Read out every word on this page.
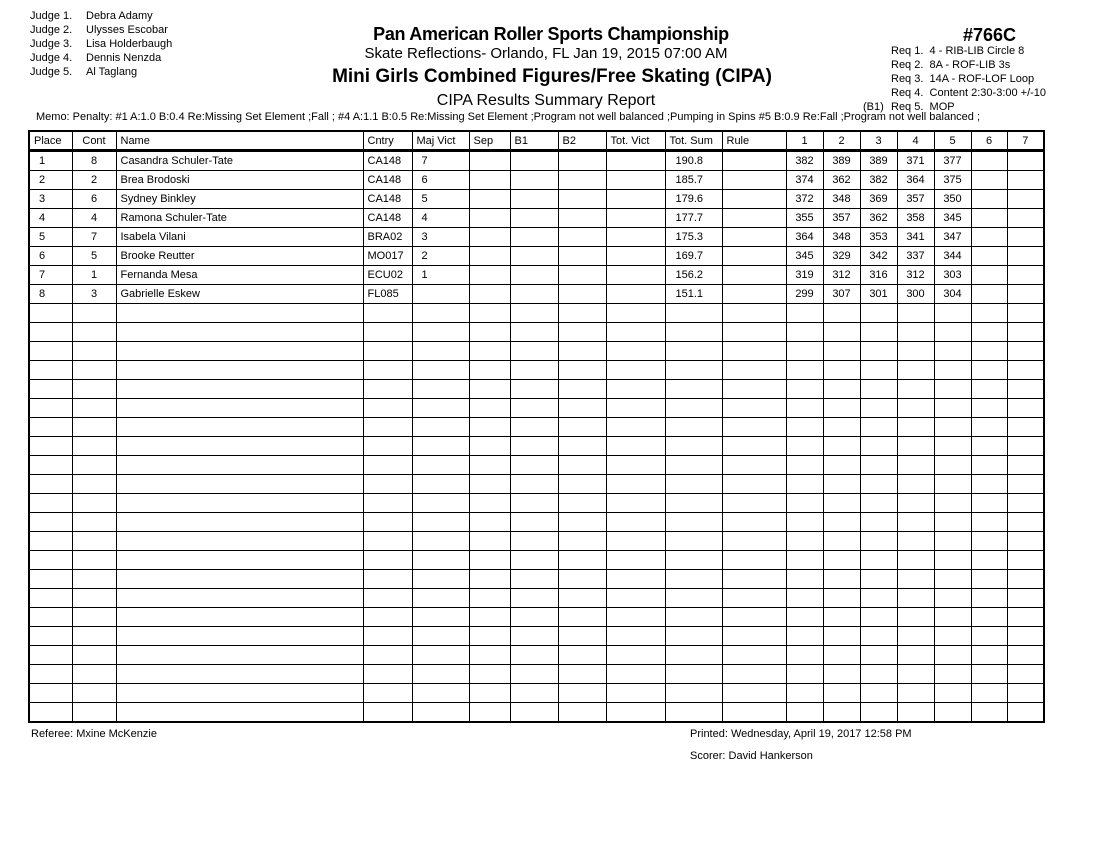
Judge 1. Debra Adamy
Judge 2. Ulysses Escobar
Judge 3. Lisa Holderbaugh
Judge 4. Dennis Nenzda
Judge 5. Al Taglang
Pan American Roller Sports Championship
Skate Reflections- Orlando, FL Jan 19, 2015 07:00 AM
Mini Girls Combined Figures/Free Skating (CIPA)
CIPA Results Summary Report
#766C
Req 1. 4 - RIB-LIB Circle 8
Req 2. 8A - ROF-LIB 3s
Req 3. 14A - ROF-LOF Loop
Req 4. Content 2:30-3:00 +/-10
(B1) Req 5. MOP
Memo: Penalty: #1 A:1.0 B:0.4 Re:Missing Set Element ;Fall ; #4 A:1.1 B:0.5 Re:Missing Set Element ;Program not well balanced ;Pumping in Spins #5 B:0.9 Re:Fall ;Program not well balanced ;
Place	Cont	Name	Cntry	Maj Vict	Sep	B1	B2	Tot. Vict	Tot. Sum	Rule	1	2	3	4	5	6	7
1	8	Casandra Schuler-Tate	CA148	7					190.8		382	389	389	371	377		
2	2	Brea Brodoski	CA148	6					185.7		374	362	382	364	375		
3	6	Sydney Binkley	CA148	5					179.6		372	348	369	357	350		
4	4	Ramona Schuler-Tate	CA148	4					177.7		355	357	362	358	345		
5	7	Isabela Vilani	BRA02	3					175.3		364	348	353	341	347		
6	5	Brooke Reutter	MO017	2					169.7		345	329	342	337	344		
7	1	Fernanda Mesa	ECU02	1					156.2		319	312	316	312	303		
8	3	Gabrielle Eskew	FL085						151.1		299	307	301	300	304		

Referee: Mxine McKenzie	Printed: Wednesday, April 19, 2017 12:58 PM
Scorer: David Hankerson
